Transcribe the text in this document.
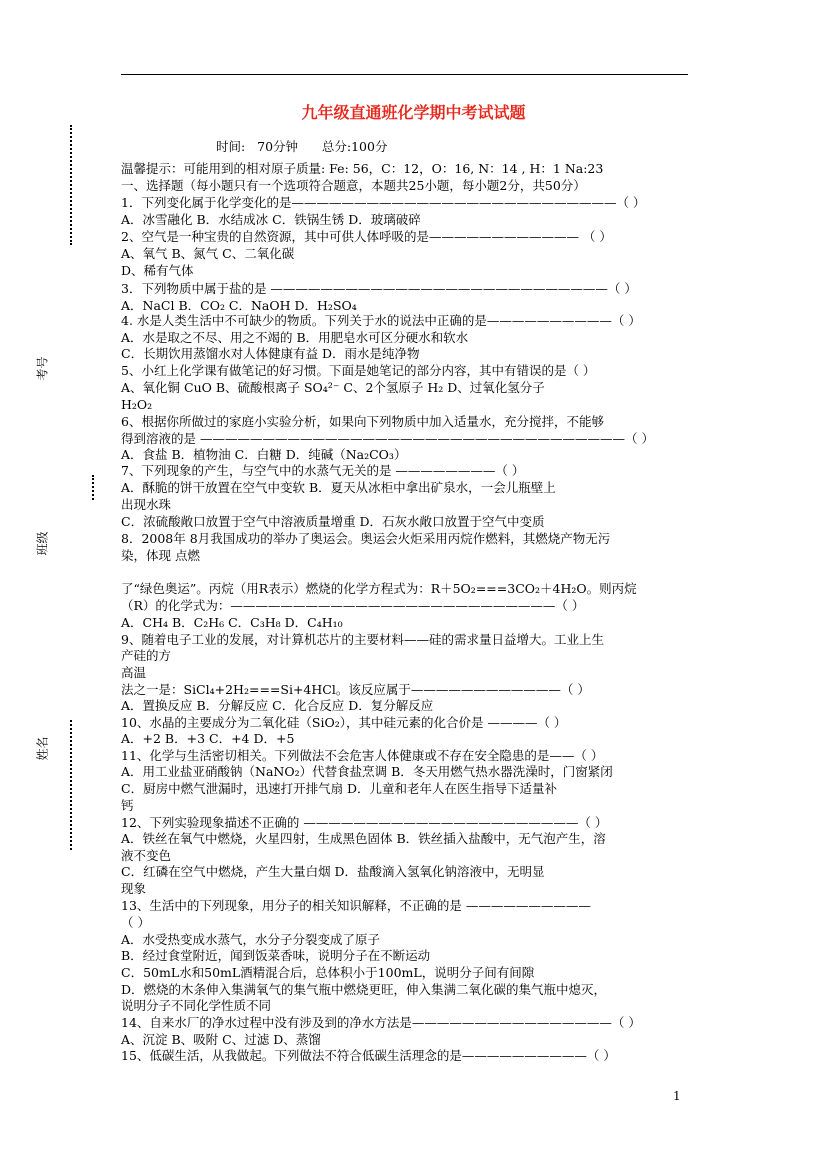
九年级直通班化学期中考试试题
时间:   70分钟      总分:100分
考号
班级
姓名
温馨提示：可能用到的相对原子质量: Fe: 56，C：12，O：16, N：14 , H：1 Na:23
一、选择题（每小题只有一个选项符合题意，本题共25小题，每小题2分，共50分）
1．下列变化属于化学变化的是——————————————————————————（ ）
A．冰雪融化 B．水结成冰 C．铁锅生锈 D．玻璃破碎
2、空气是一种宝贵的自然资源，其中可供人体呼吸的是———————————— （ ）
A、氧气 B、氮气 C、二氧化碳
D、稀有气体
3．下列物质中属于盐的是 ———————————————————————————（ ）
A．NaCl B．CO₂ C．NaOH D．H₂SO₄
4. 水是人类生活中不可缺少的物质。下列关于水的说法中正确的是——————————（ ）
A．水是取之不尽、用之不竭的 B．用肥皂水可区分硬水和软水
C．长期饮用蒸馏水对人体健康有益 D．雨水是纯净物
5、小红上化学课有做笔记的好习惯。下面是她笔记的部分内容，其中有错误的是（ ）
A、氧化铜 CuO B、硫酸根离子 SO₄²⁻ C、2个氢原子 H₂ D、过氧化氢分子
H₂O₂
6、根据你所做过的家庭小实验分析，如果向下列物质中加入适量水，充分搅拌，不能够
得到溶液的是 ——————————————————————————————————（ ）
A．食盐 B．植物油 C．白糖 D．纯碱（Na₂CO₃）
7、下列现象的产生，与空气中的水蒸气无关的是 ————————（ ）
A．酥脆的饼干放置在空气中变软 B．夏天从冰柜中拿出矿泉水，一会儿瓶壁上
出现水珠
C．浓硫酸敞口放置于空气中溶液质量增重 D．石灰水敞口放置于空气中变质
8．2008年 8月我国成功的举办了奥运会。奥运会火炬采用丙烷作燃料，其燃烧产物无污
染，体现 点燃
了“绿色奥运”。丙烷（用R表示）燃烧的化学方程式为：R＋5O₂===3CO₂＋4H₂O。则丙烷
（R）的化学式为：——————————————————————————（ ）
A．CH₄ B．C₂H₆ C．C₃H₈ D．C₄H₁₀
9、随着电子工业的发展，对计算机芯片的主要材料——硅的需求量日益增大。工业上生
产硅的方
高温
法之一是：SiCl₄+2H₂===Si+4HCl。该反应属于————————————（ ）
A．置换反应 B．分解反应 C．化合反应 D．复分解反应
10、水晶的主要成分为二氧化硅（SiO₂），其中硅元素的化合价是 ————（ ）
A．+2 B．+3 C．+4 D．+5
11、化学与生活密切相关。下列做法不会危害人体健康或不存在安全隐患的是——（ ）
A．用工业盐亚硝酸钠（NaNO₂）代替食盐烹调 B．冬天用燃气热水器洗澡时，门窗紧闭
C．厨房中燃气泄漏时，迅速打开排气扇 D．儿童和老年人在医生指导下适量补
钙
12、下列实验现象描述不正确的 ——————————————————————（ ）
A．铁丝在氧气中燃烧，火星四射，生成黑色固体 B．铁丝插入盐酸中，无气泡产生，溶
液不变色
C．红磷在空气中燃烧，产生大量白烟 D．盐酸滴入氢氧化钠溶液中，无明显
现象
13、生活中的下列现象，用分子的相关知识解释，不正确的是 ——————————
（ ）
A．水受热变成水蒸气，水分子分裂变成了原子
B．经过食堂附近，闻到饭菜香味，说明分子在不断运动
C．50mL水和50mL酒精混合后，总体积小于100mL，说明分子间有间隙
D．燃烧的木条伸入集满氧气的集气瓶中燃烧更旺，伸入集满二氧化碳的集气瓶中熄灭，
说明分子不同化学性质不同
14、自来水厂的净水过程中没有涉及到的净水方法是————————————————（ ）
A、沉淀 B、吸附 C、过滤 D、蒸馏
15、低碳生活，从我做起。下列做法不符合低碳生活理念的是——————————（ ）
1
